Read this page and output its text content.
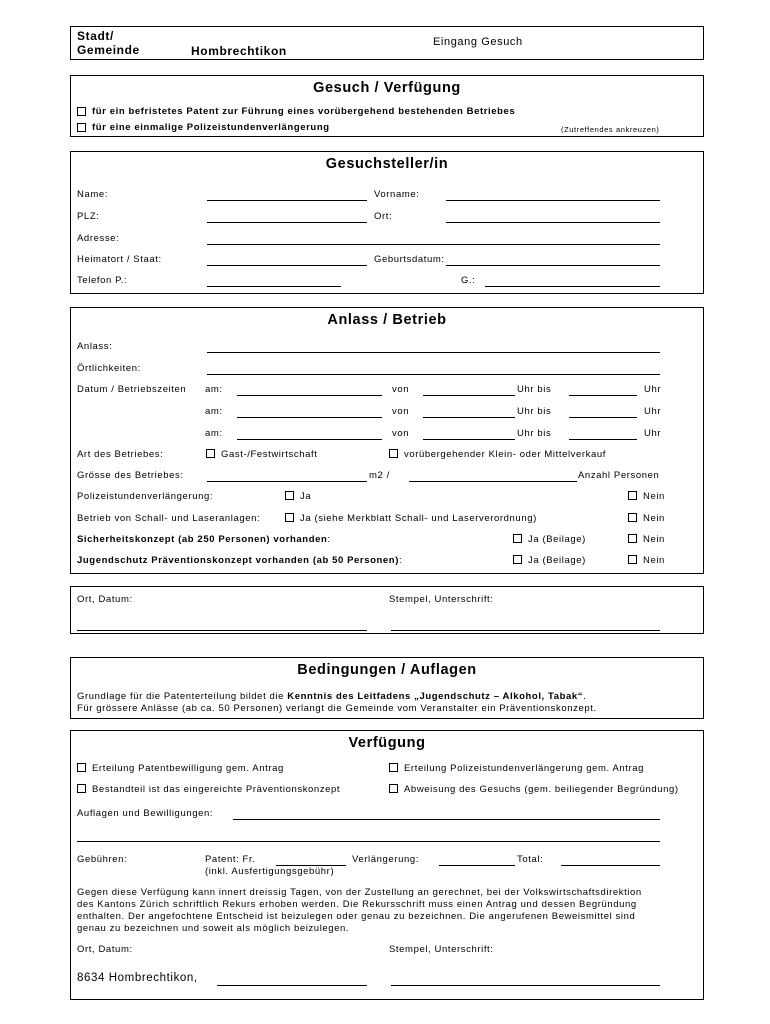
Stadt/
Gemeinde	Hombrechtikon
Eingang Gesuch
Gesuch / Verfügung
für ein befristetes Patent zur Führung eines vorübergehend bestehenden Betriebes
für eine einmalige Polizeistundenverlängerung	(Zutreffendes ankreuzen)
Gesuchsteller/in
Name:	Vorname:
PLZ:	Ort:
Adresse:
Heimatort / Staat:	Geburtsdatum:
Telefon P.:	G.:
Anlass / Betrieb
Anlass:
Örtlichkeiten:
Datum / Betriebszeiten am:	von	Uhr bis	Uhr
am:	von	Uhr bis	Uhr
am:	von	Uhr bis	Uhr
Art des Betriebes:	Gast-/Festwirtschaft	vorübergehender Klein- oder Mittelverkauf
Grösse des Betriebes:	m2 /	Anzahl Personen
Polizeistundenverlängerung:	Ja	Nein
Betrieb von Schall- und Laseranlagen:	Ja (siehe Merkblatt Schall- und Laserverordnung)	Nein
Sicherheitskonzept (ab 250 Personen) vorhanden:	Ja (Beilage)	Nein
Jugendschutz Präventionskonzept vorhanden (ab 50 Personen):	Ja (Beilage)	Nein
Ort, Datum:	Stempel, Unterschrift:
Bedingungen / Auflagen
Grundlage für die Patenterteilung bildet die Kenntnis des Leitfadens „Jugendschutz – Alkohol, Tabak“.
Für grössere Anlässe (ab ca. 50 Personen) verlangt die Gemeinde vom Veranstalter ein Präventionskonzept.
Verfügung
Erteilung Patentbewilligung gem. Antrag	Erteilung Polizeistundenverlängerung gem. Antrag
Bestandteil ist das eingereichte Präventionskonzept	Abweisung des Gesuchs (gem. beiliegender Begründung)
Auflagen und Bewilligungen:
Gebühren:	Patent: Fr.	Verlängerung:	Total:
(inkl. Ausfertigungsgebühr)
Gegen diese Verfügung kann innert dreissig Tagen, von der Zustellung an gerechnet, bei der Volkswirtschaftsdirektion
des Kantons Zürich schriftlich Rekurs erhoben werden. Die Rekursschrift muss einen Antrag und dessen Begründung
enthalten. Der angefochtene Entscheid ist beizulegen oder genau zu bezeichnen. Die angerufenen Beweismittel sind
genau zu bezeichnen und soweit als möglich beizulegen.
Ort, Datum:	Stempel, Unterschrift:
8634 Hombrechtikon,
